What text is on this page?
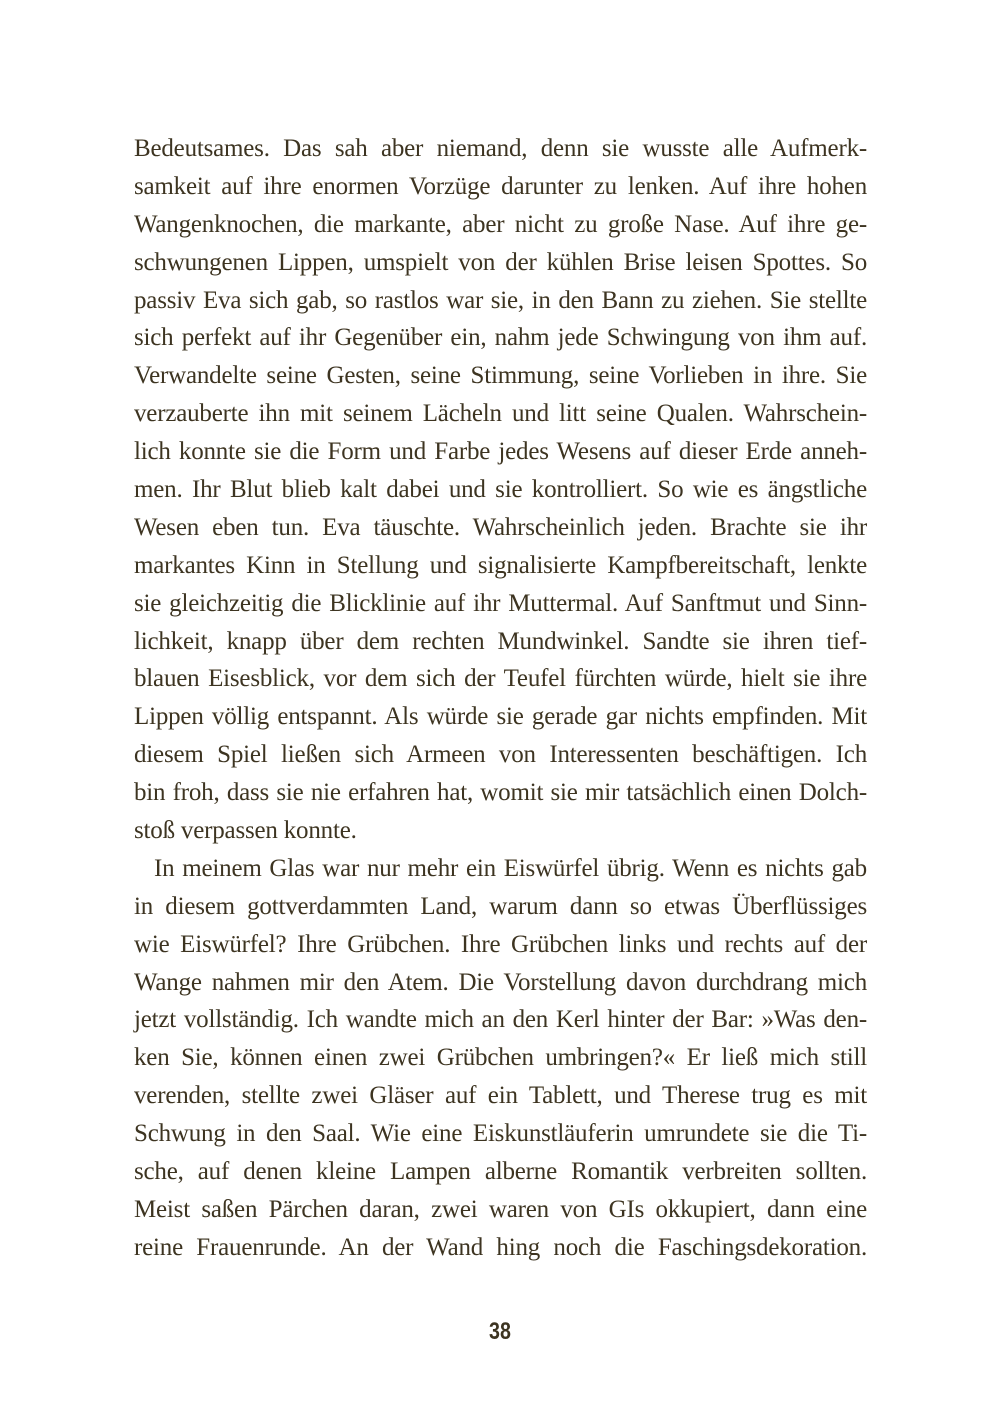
Bedeutsames. Das sah aber niemand, denn sie wusste alle Aufmerk-
samkeit auf ihre enormen Vorzüge darunter zu lenken. Auf ihre hohen
Wangenknochen, die markante, aber nicht zu große Nase. Auf ihre ge-
schwungenen Lippen, umspielt von der kühlen Brise leisen Spottes. So
passiv Eva sich gab, so rastlos war sie, in den Bann zu ziehen. Sie stellte
sich perfekt auf ihr Gegenüber ein, nahm jede Schwingung von ihm auf.
Verwandelte seine Gesten, seine Stimmung, seine Vorlieben in ihre. Sie
verzauberte ihn mit seinem Lächeln und litt seine Qualen. Wahrschein-
lich konnte sie die Form und Farbe jedes Wesens auf dieser Erde anneh-
men. Ihr Blut blieb kalt dabei und sie kontrolliert. So wie es ängstliche
Wesen eben tun. Eva täuschte. Wahrscheinlich jeden. Brachte sie ihr
markantes Kinn in Stellung und signalisierte Kampfbereitschaft, lenkte
sie gleichzeitig die Blicklinie auf ihr Muttermal. Auf Sanftmut und Sinn-
lichkeit, knapp über dem rechten Mundwinkel. Sandte sie ihren tief-
blauen Eisesblick, vor dem sich der Teufel fürchten würde, hielt sie ihre
Lippen völlig entspannt. Als würde sie gerade gar nichts empfinden. Mit
diesem Spiel ließen sich Armeen von Interessenten beschäftigen. Ich
bin froh, dass sie nie erfahren hat, womit sie mir tatsächlich einen Dolch-
stoß verpassen konnte.
In meinem Glas war nur mehr ein Eiswürfel übrig. Wenn es nichts gab
in diesem gottverdammten Land, warum dann so etwas Überflüssiges
wie Eiswürfel? Ihre Grübchen. Ihre Grübchen links und rechts auf der
Wange nahmen mir den Atem. Die Vorstellung davon durchdrang mich
jetzt vollständig. Ich wandte mich an den Kerl hinter der Bar: »Was den-
ken Sie, können einen zwei Grübchen umbringen?« Er ließ mich still
verenden, stellte zwei Gläser auf ein Tablett, und Therese trug es mit
Schwung in den Saal. Wie eine Eiskunstläuferin umrundete sie die Ti-
sche, auf denen kleine Lampen alberne Romantik verbreiten sollten.
Meist saßen Pärchen daran, zwei waren von GIs okkupiert, dann eine
reine Frauenrunde. An der Wand hing noch die Faschingsdekoration.
38
